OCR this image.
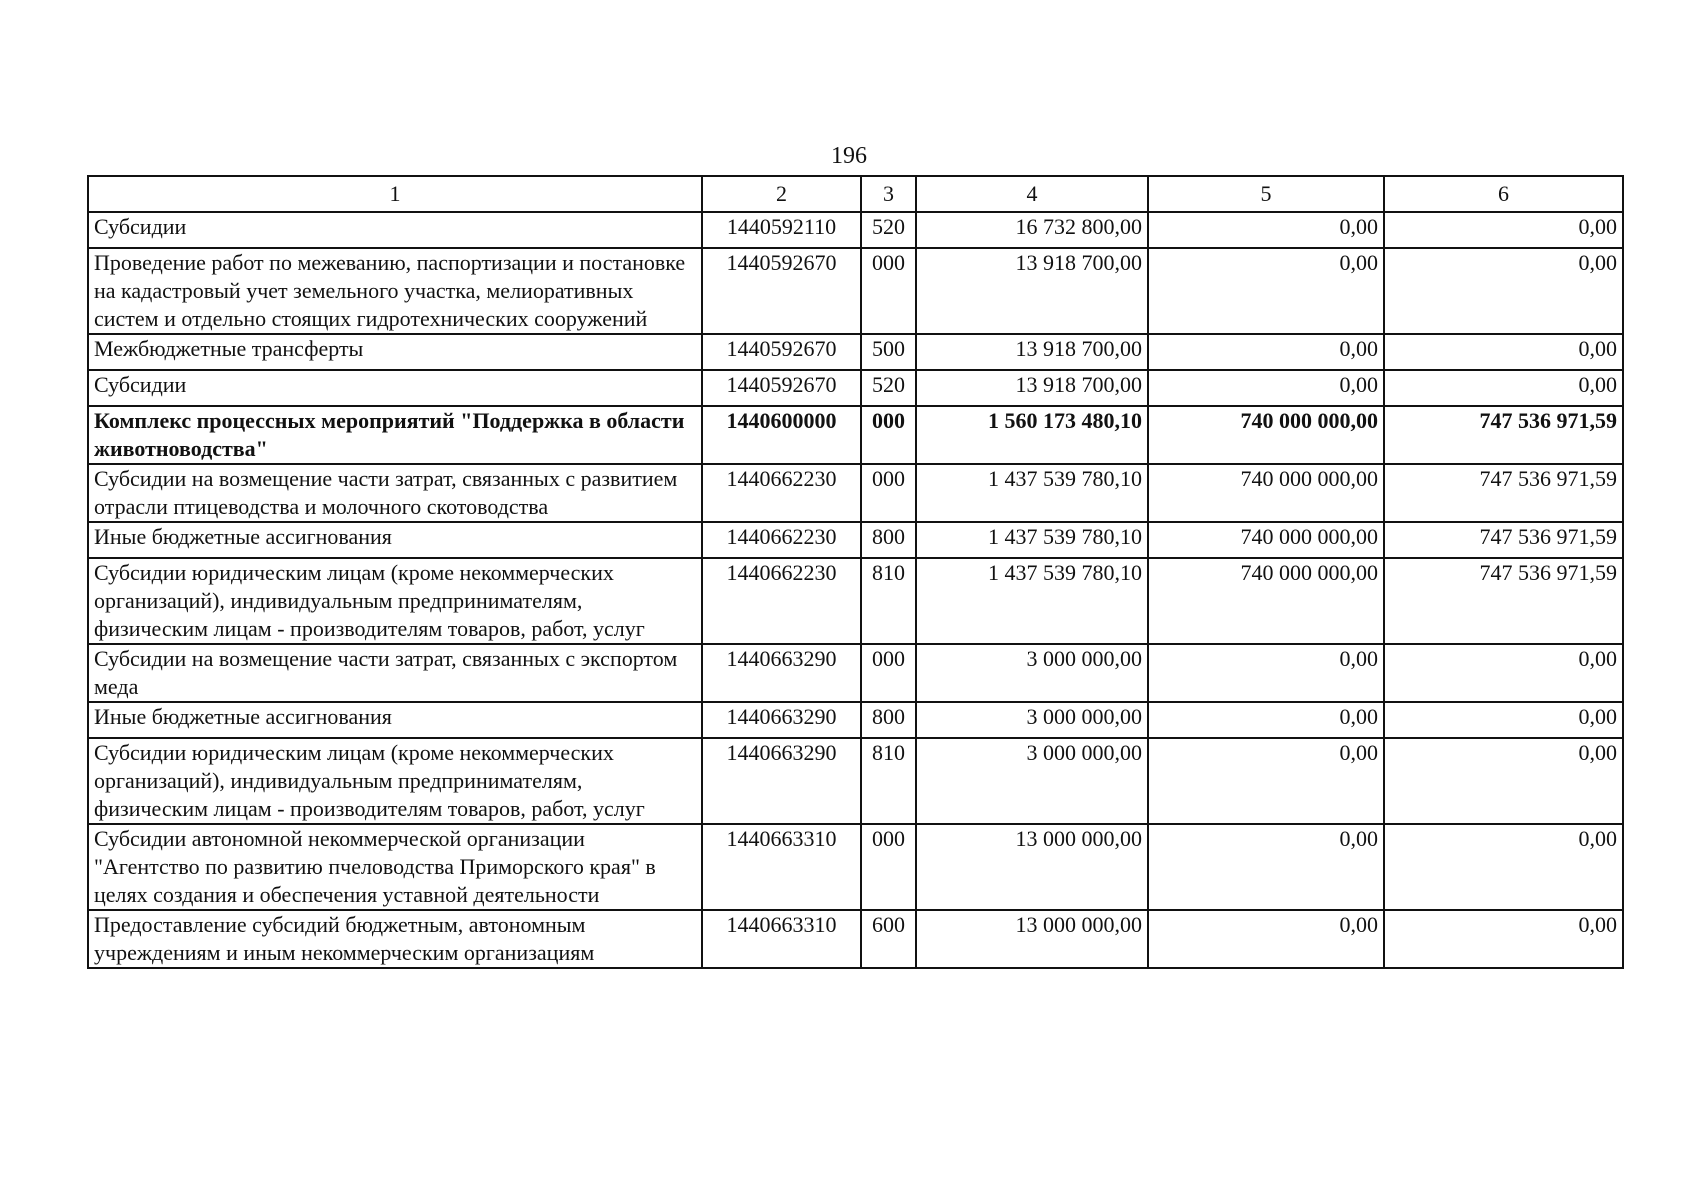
196
1	2	3	4	5	6
Субсидии	1440592110	520	16 732 800,00	0,00	0,00
Проведение работ по межеванию, паспортизации и постановке на кадастровый учет земельного участка, мелиоративных систем и отдельно стоящих гидротехнических сооружений	1440592670	000	13 918 700,00	0,00	0,00
Межбюджетные трансферты	1440592670	500	13 918 700,00	0,00	0,00
Субсидии	1440592670	520	13 918 700,00	0,00	0,00
Комплекс процессных мероприятий "Поддержка в области животноводства"	1440600000	000	1 560 173 480,10	740 000 000,00	747 536 971,59
Субсидии на возмещение части затрат, связанных с развитием отрасли птицеводства и молочного скотоводства	1440662230	000	1 437 539 780,10	740 000 000,00	747 536 971,59
Иные бюджетные ассигнования	1440662230	800	1 437 539 780,10	740 000 000,00	747 536 971,59
Субсидии юридическим лицам (кроме некоммерческих организаций), индивидуальным предпринимателям, физическим лицам - производителям товаров, работ, услуг	1440662230	810	1 437 539 780,10	740 000 000,00	747 536 971,59
Субсидии на возмещение части затрат, связанных с экспортом меда	1440663290	000	3 000 000,00	0,00	0,00
Иные бюджетные ассигнования	1440663290	800	3 000 000,00	0,00	0,00
Субсидии юридическим лицам (кроме некоммерческих организаций), индивидуальным предпринимателям, физическим лицам - производителям товаров, работ, услуг	1440663290	810	3 000 000,00	0,00	0,00
Субсидии автономной некоммерческой организации "Агентство по развитию пчеловодства Приморского края" в целях создания и обеспечения уставной деятельности	1440663310	000	13 000 000,00	0,00	0,00
Предоставление субсидий бюджетным, автономным учреждениям и иным некоммерческим организациям	1440663310	600	13 000 000,00	0,00	0,00
